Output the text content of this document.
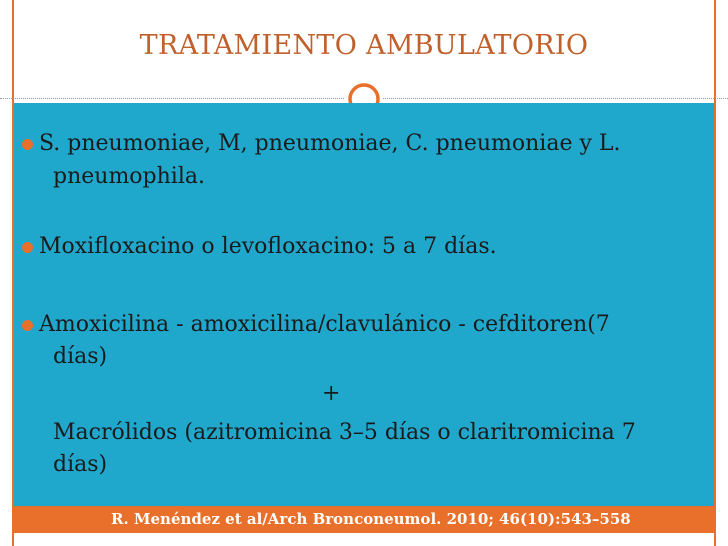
TRATAMIENTO AMBULATORIO
S. pneumoniae, M, pneumoniae, C. pneumoniae y L.
pneumophila.
Moxifloxacino o levofloxacino: 5 a 7 días.
Amoxicilina - amoxicilina/clavulánico - cefditoren(7
días)
+
Macrólidos (azitromicina 3–5 días o claritromicina 7
días)
R. Menéndez et al/Arch Bronconeumol. 2010; 46(10):543–558
